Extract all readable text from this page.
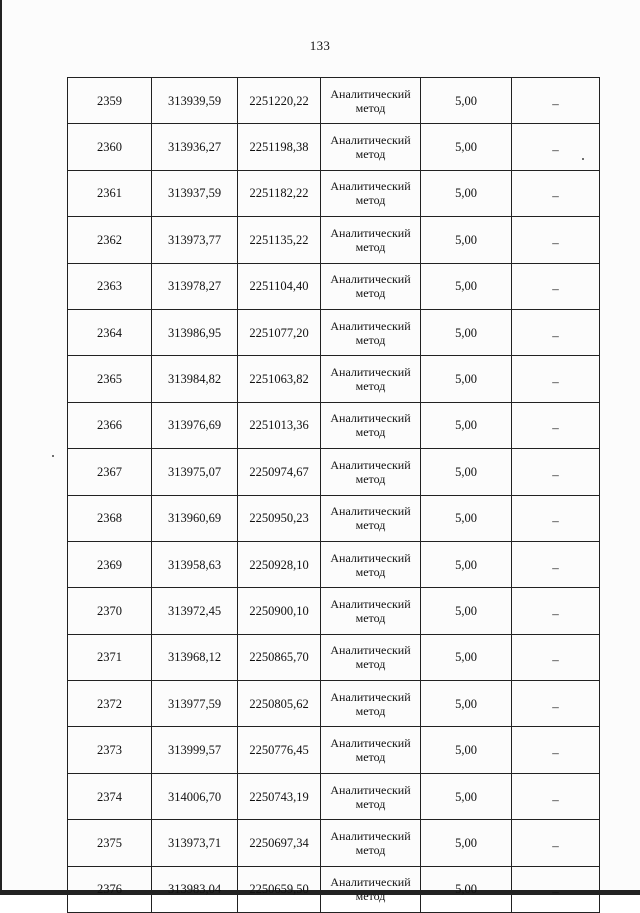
133
2359	313939,59	2251220,22	Аналитический метод	5,00	–
2360	313936,27	2251198,38	Аналитический метод	5,00	–
2361	313937,59	2251182,22	Аналитический метод	5,00	–
2362	313973,77	2251135,22	Аналитический метод	5,00	–
2363	313978,27	2251104,40	Аналитический метод	5,00	–
2364	313986,95	2251077,20	Аналитический метод	5,00	–
2365	313984,82	2251063,82	Аналитический метод	5,00	–
2366	313976,69	2251013,36	Аналитический метод	5,00	–
2367	313975,07	2250974,67	Аналитический метод	5,00	–
2368	313960,69	2250950,23	Аналитический метод	5,00	–
2369	313958,63	2250928,10	Аналитический метод	5,00	–
2370	313972,45	2250900,10	Аналитический метод	5,00	–
2371	313968,12	2250865,70	Аналитический метод	5,00	–
2372	313977,59	2250805,62	Аналитический метод	5,00	–
2373	313999,57	2250776,45	Аналитический метод	5,00	–
2374	314006,70	2250743,19	Аналитический метод	5,00	–
2375	313973,71	2250697,34	Аналитический метод	5,00	–
2376	313983,04	2250659,50	Аналитический метод	5,00	–
